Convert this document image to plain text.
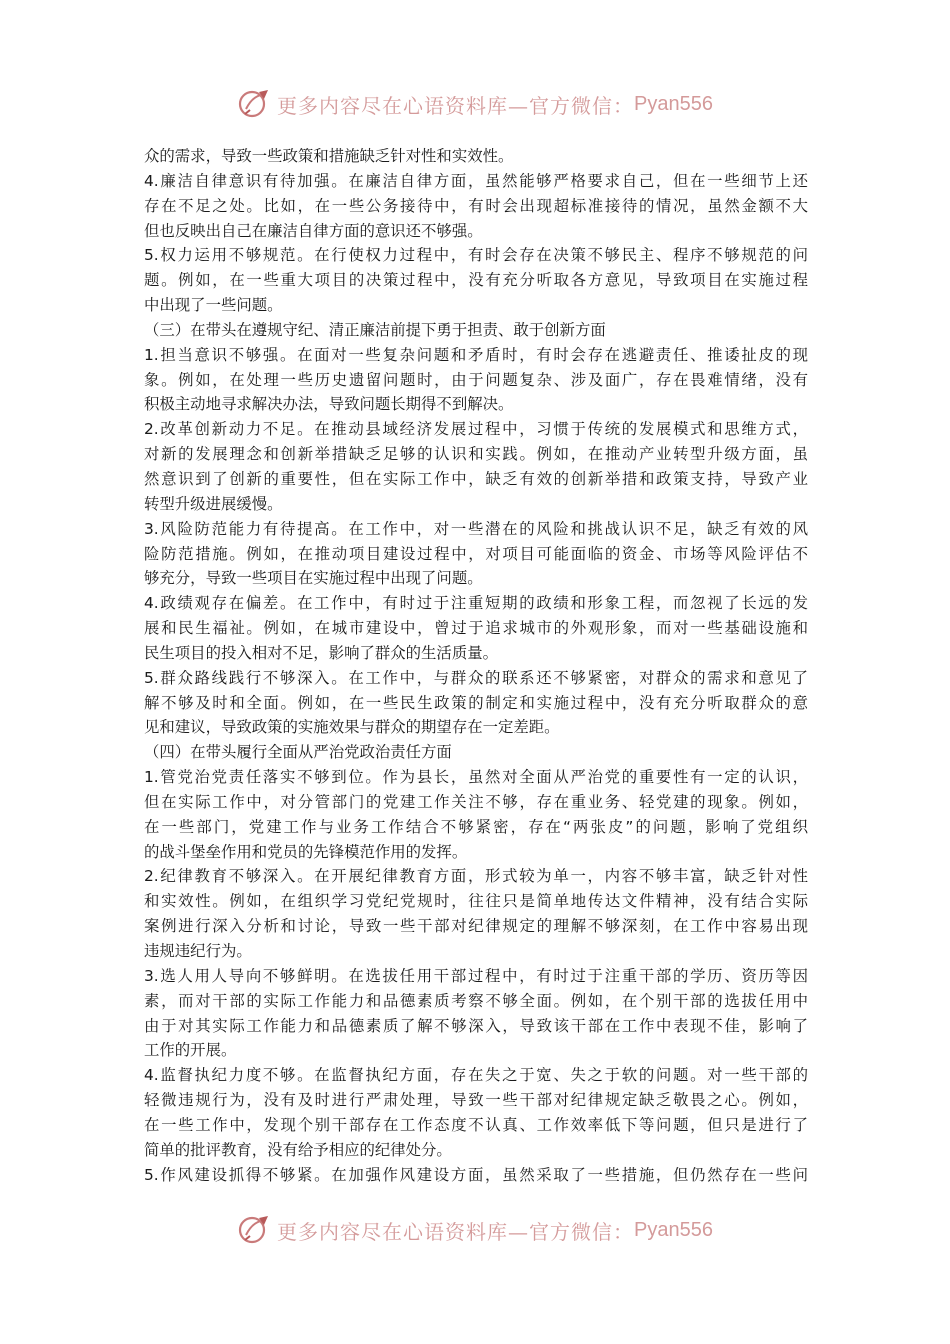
更多内容尽在心语资料库—官方微信： Pyan556
众的需求，导致一些政策和措施缺乏针对性和实效性。
4.廉洁自律意识有待加强。在廉洁自律方面，虽然能够严格要求自己，但在一些细节上还
存在不足之处。比如，在一些公务接待中，有时会出现超标准接待的情况，虽然金额不大
但也反映出自己在廉洁自律方面的意识还不够强。
5.权力运用不够规范。在行使权力过程中，有时会存在决策不够民主、程序不够规范的问
题。例如，在一些重大项目的决策过程中，没有充分听取各方意见，导致项目在实施过程
中出现了一些问题。
（三）在带头在遵规守纪、清正廉洁前提下勇于担责、敢于创新方面
1.担当意识不够强。在面对一些复杂问题和矛盾时，有时会存在逃避责任、推诿扯皮的现
象。例如，在处理一些历史遗留问题时，由于问题复杂、涉及面广，存在畏难情绪，没有
积极主动地寻求解决办法，导致问题长期得不到解决。
2.改革创新动力不足。在推动县域经济发展过程中，习惯于传统的发展模式和思维方式，
对新的发展理念和创新举措缺乏足够的认识和实践。例如，在推动产业转型升级方面，虽
然意识到了创新的重要性，但在实际工作中，缺乏有效的创新举措和政策支持，导致产业
转型升级进展缓慢。
3.风险防范能力有待提高。在工作中，对一些潜在的风险和挑战认识不足，缺乏有效的风
险防范措施。例如，在推动项目建设过程中，对项目可能面临的资金、市场等风险评估不
够充分，导致一些项目在实施过程中出现了问题。
4.政绩观存在偏差。在工作中，有时过于注重短期的政绩和形象工程，而忽视了长远的发
展和民生福祉。例如，在城市建设中，曾过于追求城市的外观形象，而对一些基础设施和
民生项目的投入相对不足，影响了群众的生活质量。
5.群众路线践行不够深入。在工作中，与群众的联系还不够紧密，对群众的需求和意见了
解不够及时和全面。例如，在一些民生政策的制定和实施过程中，没有充分听取群众的意
见和建议，导致政策的实施效果与群众的期望存在一定差距。
（四）在带头履行全面从严治党政治责任方面
1.管党治党责任落实不够到位。作为县长，虽然对全面从严治党的重要性有一定的认识，
但在实际工作中，对分管部门的党建工作关注不够，存在重业务、轻党建的现象。例如，
在一些部门，党建工作与业务工作结合不够紧密，存在“两张皮”的问题，影响了党组织
的战斗堡垒作用和党员的先锋模范作用的发挥。
2.纪律教育不够深入。在开展纪律教育方面，形式较为单一，内容不够丰富，缺乏针对性
和实效性。例如，在组织学习党纪党规时，往往只是简单地传达文件精神，没有结合实际
案例进行深入分析和讨论，导致一些干部对纪律规定的理解不够深刻，在工作中容易出现
违规违纪行为。
3.选人用人导向不够鲜明。在选拔任用干部过程中，有时过于注重干部的学历、资历等因
素，而对干部的实际工作能力和品德素质考察不够全面。例如，在个别干部的选拔任用中
由于对其实际工作能力和品德素质了解不够深入，导致该干部在工作中表现不佳，影响了
工作的开展。
4.监督执纪力度不够。在监督执纪方面，存在失之于宽、失之于软的问题。对一些干部的
轻微违规行为，没有及时进行严肃处理，导致一些干部对纪律规定缺乏敬畏之心。例如，
在一些工作中，发现个别干部存在工作态度不认真、工作效率低下等问题，但只是进行了
简单的批评教育，没有给予相应的纪律处分。
5.作风建设抓得不够紧。在加强作风建设方面，虽然采取了一些措施，但仍然存在一些问
更多内容尽在心语资料库—官方微信： Pyan556
